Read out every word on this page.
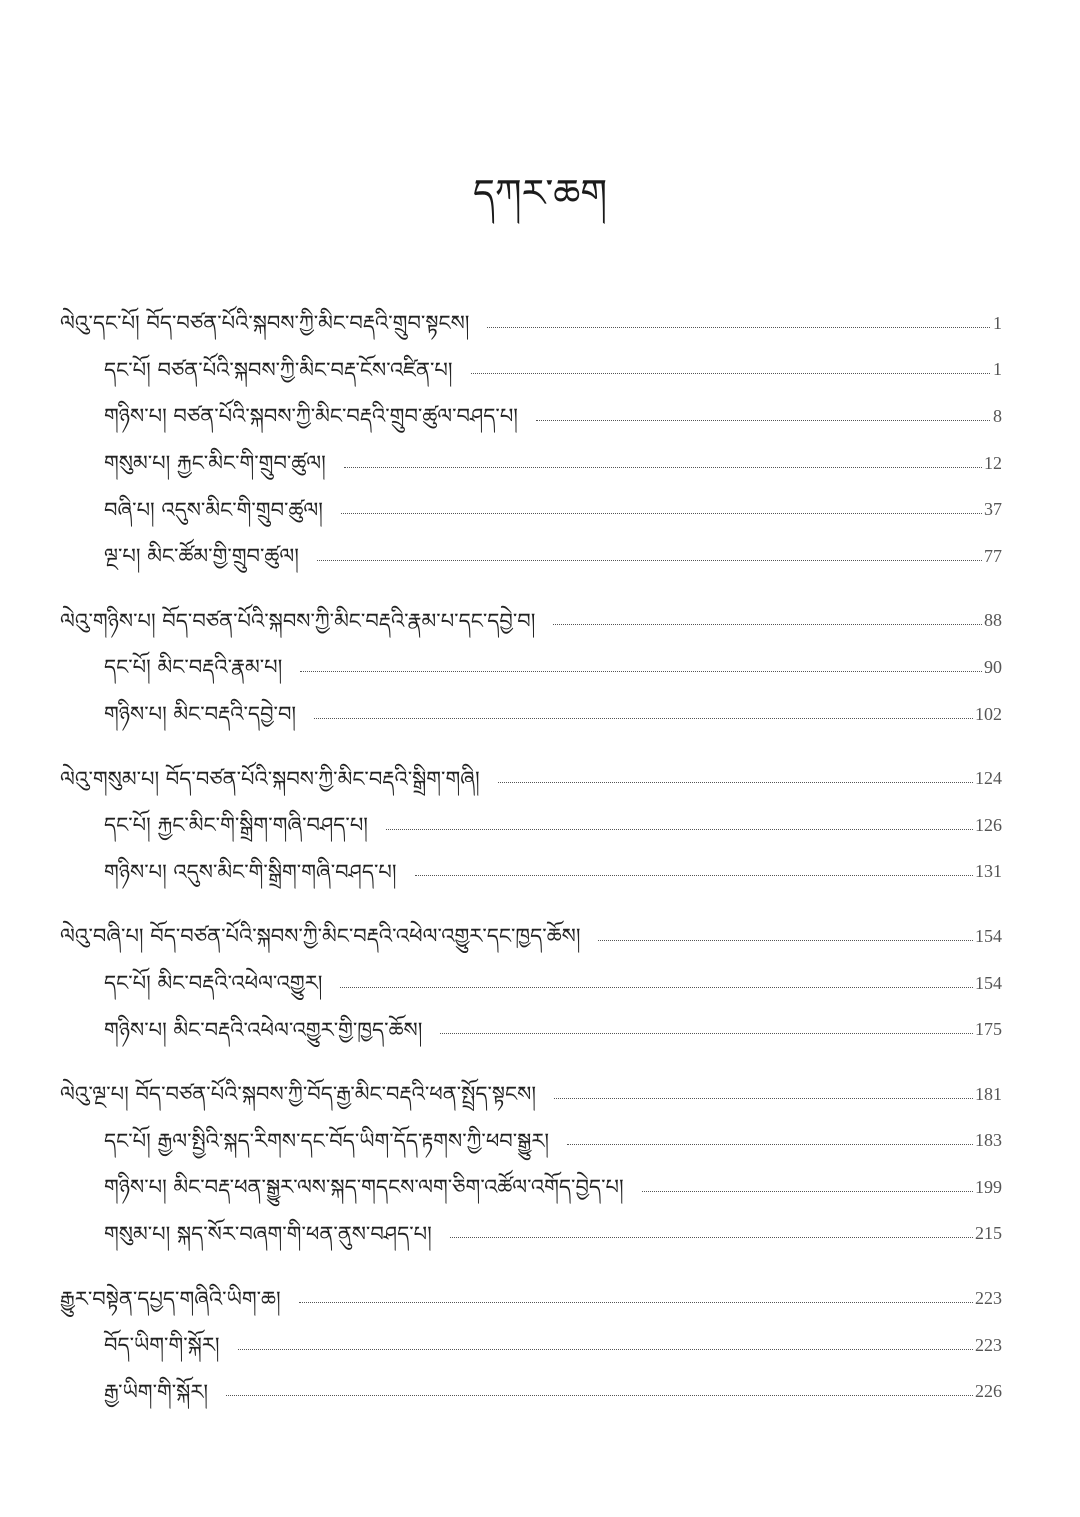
དཀར་ཆག
ལེའུ་དང་པོ། བོད་བཙན་པོའི་སྐབས་ཀྱི་མིང་བརྡའི་གྲུབ་སྟངས།	1
དང་པོ། བཙན་པོའི་སྐབས་ཀྱི་མིང་བརྡ་ངོས་འཛིན་པ།	1
གཉིས་པ། བཙན་པོའི་སྐབས་ཀྱི་མིང་བརྡའི་གྲུབ་ཚུལ་བཤད་པ།	8
གསུམ་པ། རྐྱང་མིང་གི་གྲུབ་ཚུལ།	12
བཞི་པ། འདུས་མིང་གི་གྲུབ་ཚུལ།	37
ལྔ་པ། མིང་ཚོམ་གྱི་གྲུབ་ཚུལ།	77
ལེའུ་གཉིས་པ། བོད་བཙན་པོའི་སྐབས་ཀྱི་མིང་བརྡའི་རྣམ་པ་དང་དབྱེ་བ།	88
དང་པོ། མིང་བརྡའི་རྣམ་པ།	90
གཉིས་པ། མིང་བརྡའི་དབྱེ་བ།	102
ལེའུ་གསུམ་པ། བོད་བཙན་པོའི་སྐབས་ཀྱི་མིང་བརྡའི་སྒྲིག་གཞི།	124
དང་པོ། རྐྱང་མིང་གི་སྒྲིག་གཞི་བཤད་པ།	126
གཉིས་པ། འདུས་མིང་གི་སྒྲིག་གཞི་བཤད་པ།	131
ལེའུ་བཞི་པ། བོད་བཙན་པོའི་སྐབས་ཀྱི་མིང་བརྡའི་འཕེལ་འགྱུར་དང་ཁྱད་ཆོས།	154
དང་པོ། མིང་བརྡའི་འཕེལ་འགྱུར།	154
གཉིས་པ། མིང་བརྡའི་འཕེལ་འགྱུར་གྱི་ཁྱད་ཆོས།	175
ལེའུ་ལྔ་པ། བོད་བཙན་པོའི་སྐབས་ཀྱི་བོད་རྒྱ་མིང་བརྡའི་ཕན་སྤྲོད་སྟངས།	181
དང་པོ། རྒྱལ་སྤྱིའི་སྐད་རིགས་དང་བོད་ཡིག་དོད་རྟགས་ཀྱི་ཕབ་སྒྱུར།	183
གཉིས་པ། མིང་བརྡ་ཕན་སྒྱུར་ལས་སྐད་གདངས་ལག་ཅིག་འཚོལ་འགོད་བྱེད་པ།	199
གསུམ་པ། སྐད་སོར་བཞག་གི་ཕན་ནུས་བཤད་པ།	215
རྒྱུར་བསྟེན་དཔྱད་གཞིའི་ཡིག་ཆ།	223
བོད་ཡིག་གི་སྐོར།	223
རྒྱ་ཡིག་གི་སྐོར།	226
